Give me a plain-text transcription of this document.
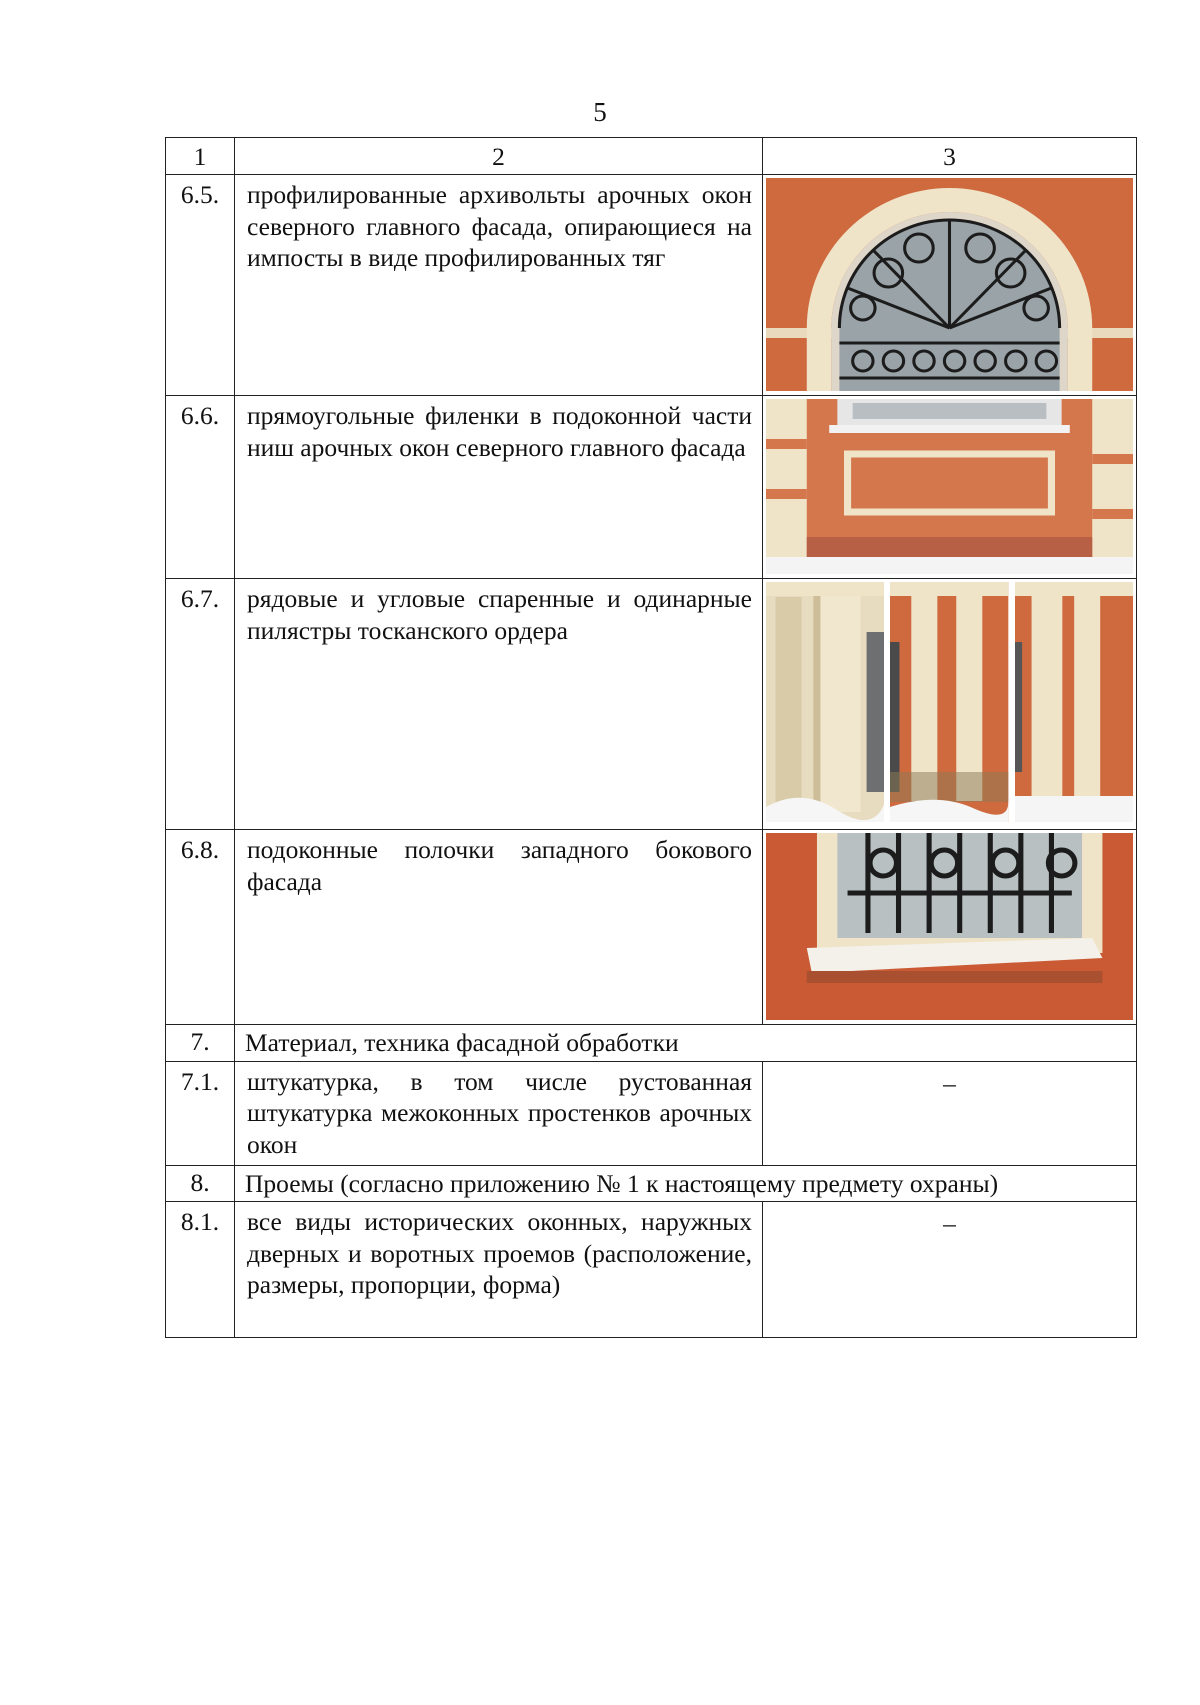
5
1	2	3
6.5.	профилированные архивольты арочных окон северного главного фасада, опирающиеся на импосты в виде профилированных тяг	

6.6.	прямоугольные филенки в подоконной части ниш арочных окон северного главного фасада	

6.7.	рядовые и угловые спаренные и одинарные пилястры тосканского ордера	

6.8.	подоконные полочки западного бокового фасада	

7.	Материал, техника фасадной обработки	
7.1.	штукатурка, в том числе рустованная штукатурка межоконных простенков арочных окон	–
8.	Проемы (согласно приложению № 1 к настоящему предмету охраны)	
8.1.	все виды исторических оконных, наружных дверных и воротных проемов (расположение, размеры, пропорции, форма)	–
